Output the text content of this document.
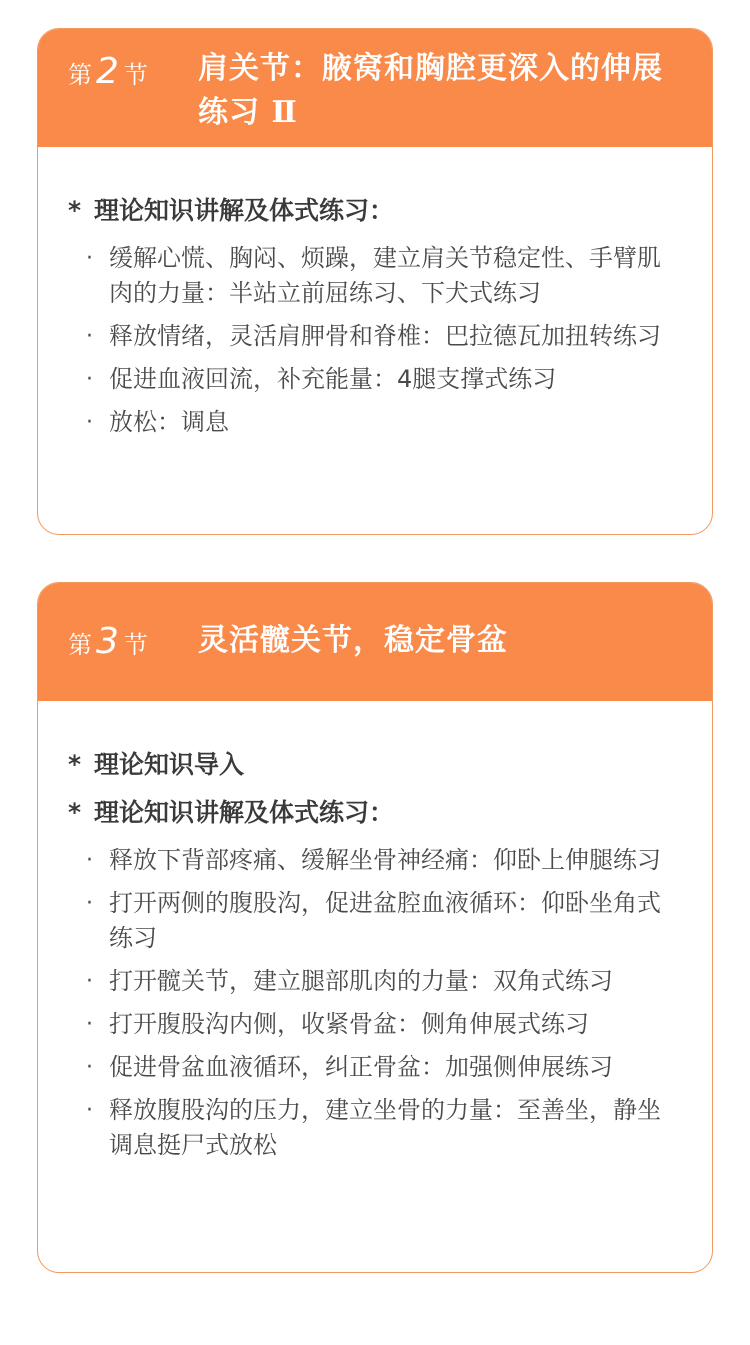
第 2 节 肩关节：腋窝和胸腔更深入的伸展练习 Ⅱ
* 理论知识讲解及体式练习：
· 缓解心慌、胸闷、烦躁，建立肩关节稳定性、手臂肌肉的力量：半站立前屈练习、下犬式练习
· 释放情绪，灵活肩胛骨和脊椎：巴拉德瓦加扭转练习
· 促进血液回流，补充能量：4腿支撑式练习
· 放松：调息
第 3 节 灵活髋关节，稳定骨盆
* 理论知识导入
* 理论知识讲解及体式练习：
· 释放下背部疼痛、缓解坐骨神经痛：仰卧上伸腿练习
· 打开两侧的腹股沟，促进盆腔血液循环：仰卧坐角式练习
· 打开髋关节，建立腿部肌肉的力量：双角式练习
· 打开腹股沟内侧，收紧骨盆：侧角伸展式练习
· 促进骨盆血液循环，纠正骨盆：加强侧伸展练习
· 释放腹股沟的压力，建立坐骨的力量：至善坐，静坐调息挺尸式放松
